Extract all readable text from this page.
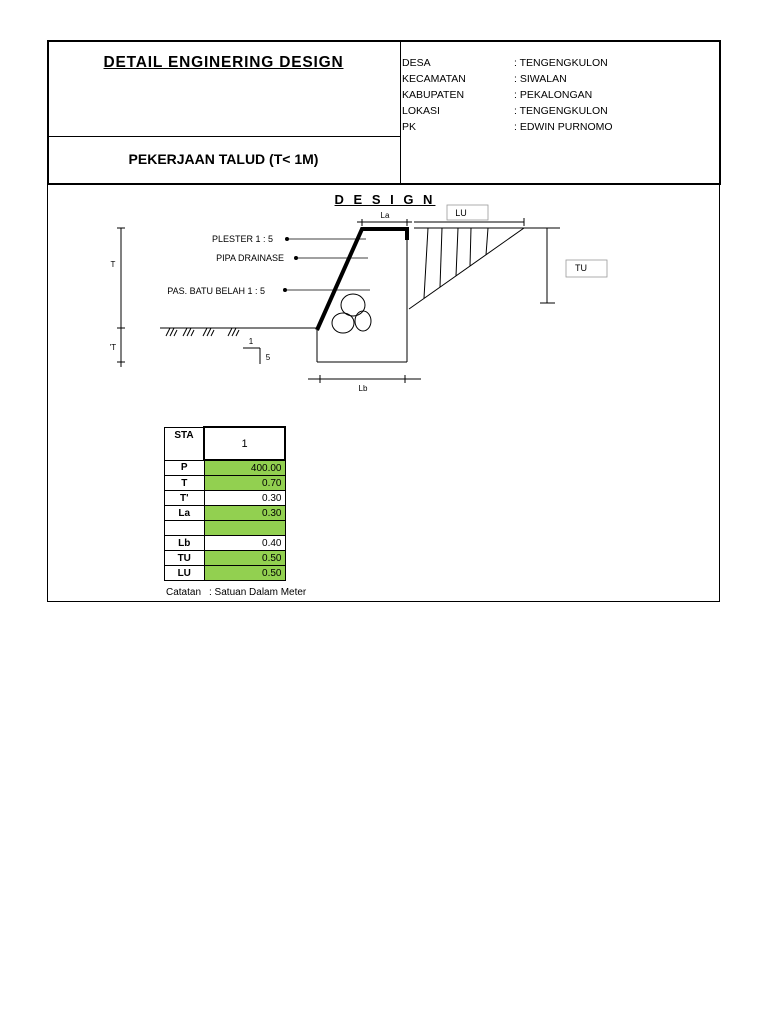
DETAIL ENGINERING DESIGN
PEKERJAAN TALUD (T< 1M)
DESA	: TENGENGKULON
KECAMATAN	: SIWALAN
KABUPATEN	: PEKALONGAN
LOKASI	: TENGENGKULON
PK	: EDWIN PURNOMO
D E S I G N
La	LU
TU
T
'T
1
5
Lb
PLESTER 1 : 5
PIPA DRAINASE
PAS. BATU BELAH 1 : 5
STA	1
P	400.00
T	0.70
T'	0.30
La	0.30

Lb	0.40
TU	0.50
LU	0.50
Catatan : Satuan Dalam Meter
